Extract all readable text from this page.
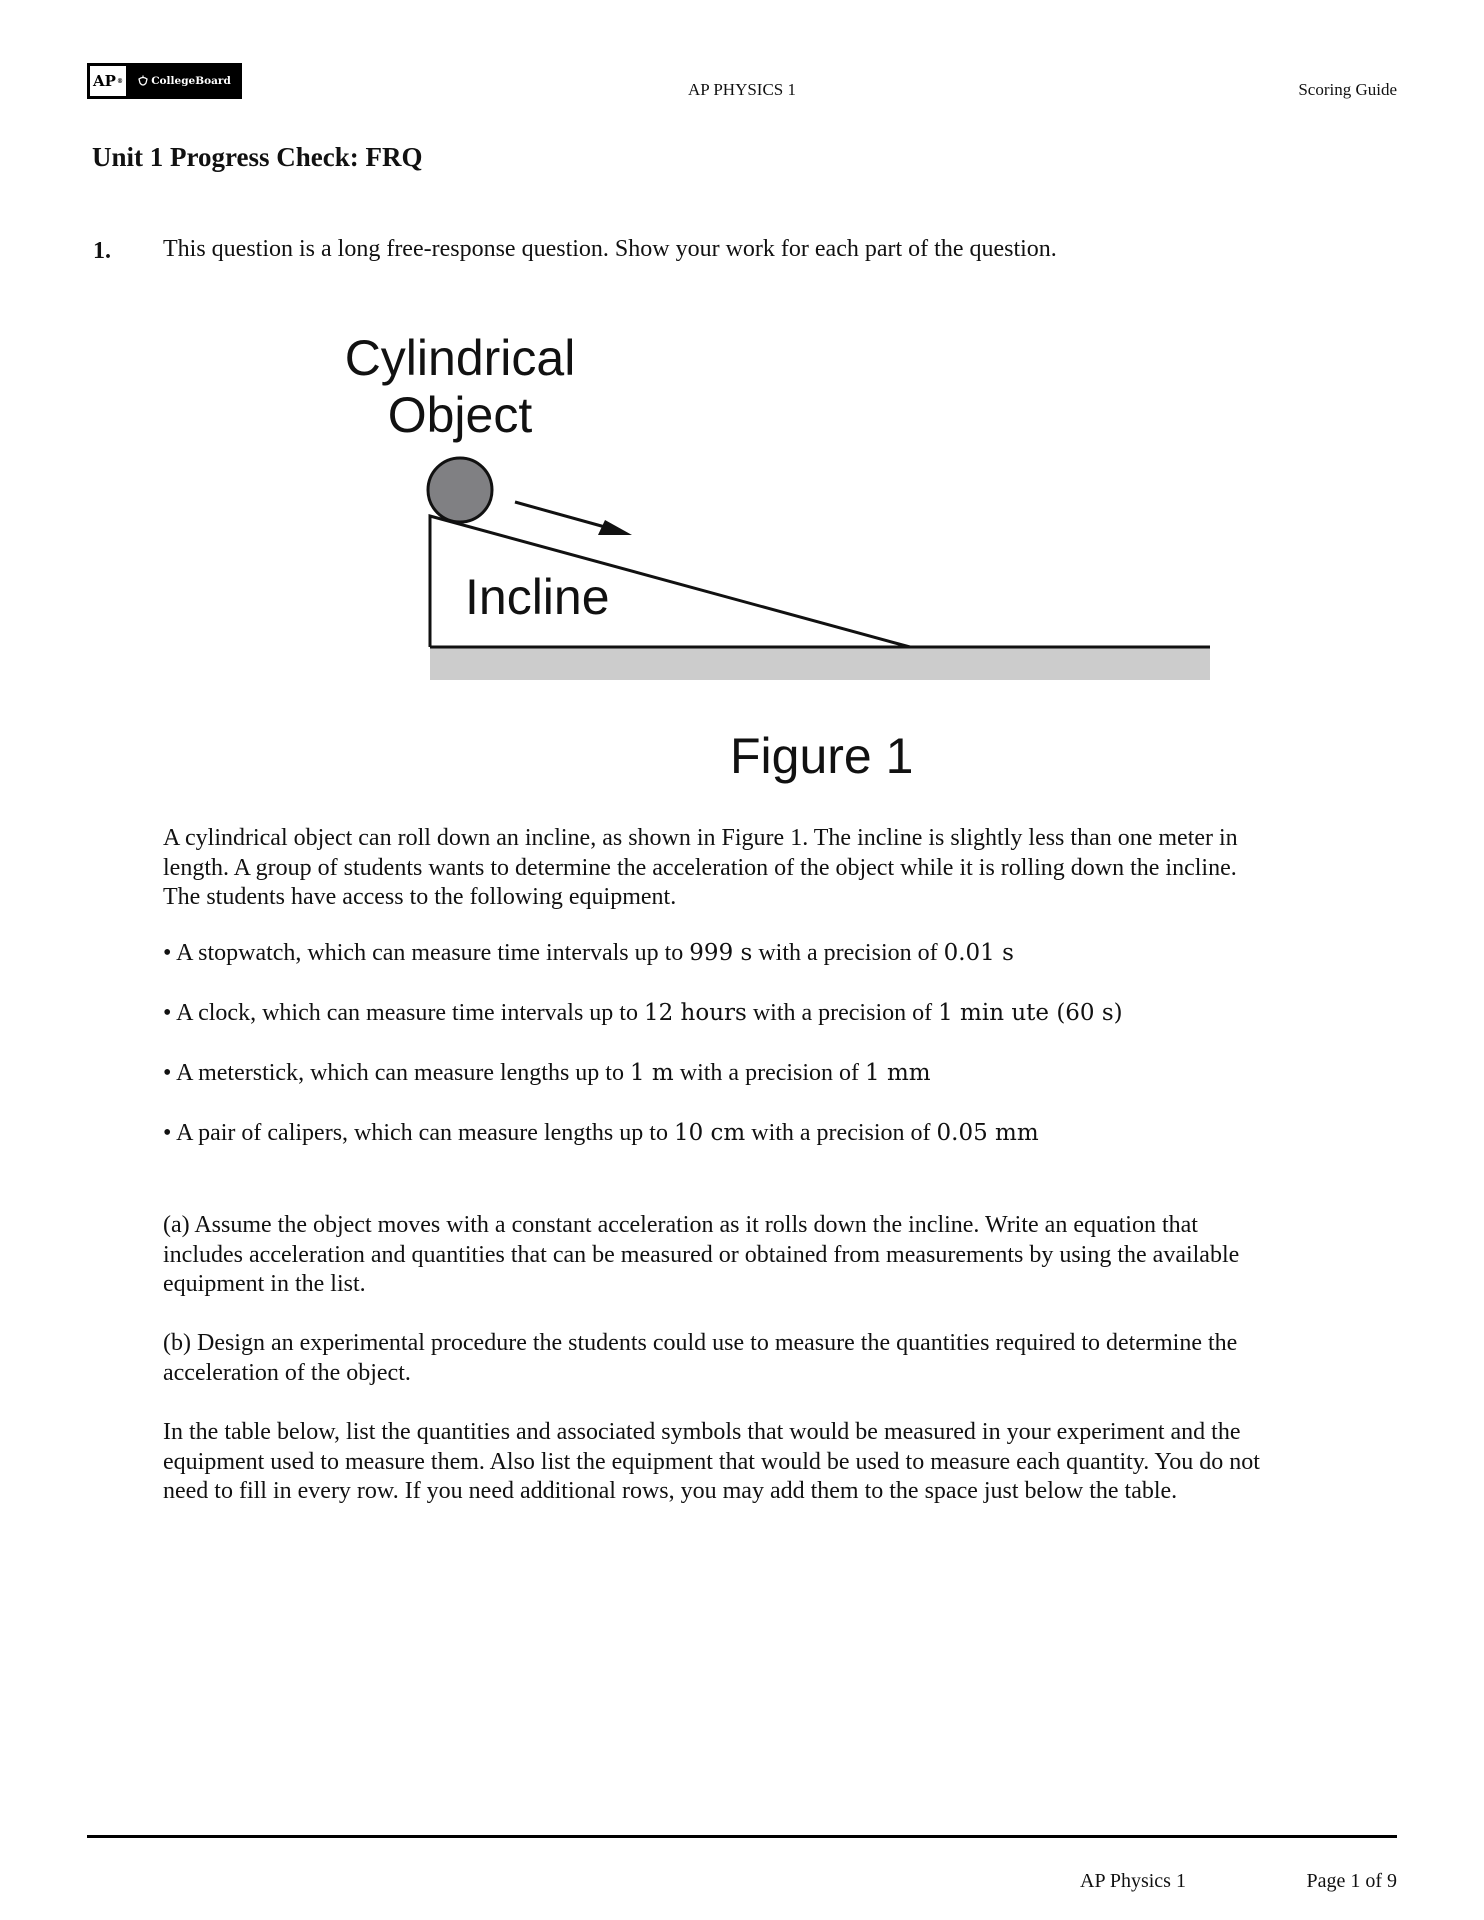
AP ®	CollegeBoard	AP PHYSICS 1	Scoring Guide
Unit 1 Progress Check: FRQ
1. This question is a long free-response question. Show your work for each part of the question.
Cylindrical
Object
Incline
Figure 1
A cylindrical object can roll down an incline, as shown in Figure 1. The incline is slightly less than one meter in
length. A group of students wants to determine the acceleration of the object while it is rolling down the incline.
The students have access to the following equipment.
• A stopwatch, which can measure time intervals up to 999 s with a precision of 0.01 s
• A clock, which can measure time intervals up to 12 hours with a precision of 1 min ute (60 s)
• A meterstick, which can measure lengths up to 1 m with a precision of 1 mm
• A pair of calipers, which can measure lengths up to 10 cm with a precision of 0.05 mm
(a) Assume the object moves with a constant acceleration as it rolls down the incline. Write an equation that
includes acceleration and quantities that can be measured or obtained from measurements by using the available
equipment in the list.
(b) Design an experimental procedure the students could use to measure the quantities required to determine the
acceleration of the object.
In the table below, list the quantities and associated symbols that would be measured in your experiment and the
equipment used to measure them. Also list the equipment that would be used to measure each quantity. You do not
need to fill in every row. If you need additional rows, you may add them to the space just below the table.
AP Physics 1	Page 1 of 9
